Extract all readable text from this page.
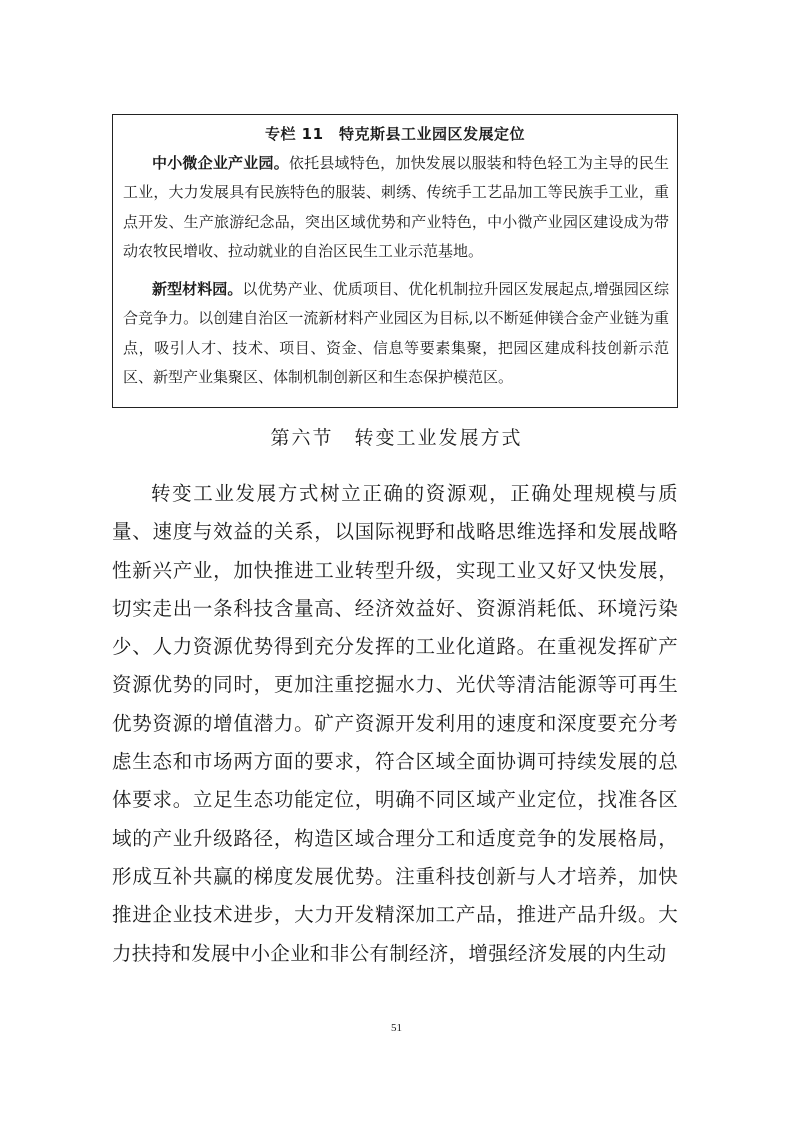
专栏 11　特克斯县工业园区发展定位
中小微企业产业园。依托县域特色，加快发展以服装和特色轻工为主导的民生工业，大力发展具有民族特色的服装、刺绣、传统手工艺品加工等民族手工业，重点开发、生产旅游纪念品，突出区域优势和产业特色，中小微产业园区建设成为带动农牧民增收、拉动就业的自治区民生工业示范基地。
新型材料园。以优势产业、优质项目、优化机制拉升园区发展起点,增强园区综合竞争力。以创建自治区一流新材料产业园区为目标,以不断延伸镁合金产业链为重点，吸引人才、技术、项目、资金、信息等要素集聚，把园区建成科技创新示范区、新型产业集聚区、体制机制创新区和生态保护模范区。
第六节　转变工业发展方式
转变工业发展方式树立正确的资源观，正确处理规模与质量、速度与效益的关系，以国际视野和战略思维选择和发展战略性新兴产业，加快推进工业转型升级，实现工业又好又快发展，切实走出一条科技含量高、经济效益好、资源消耗低、环境污染少、人力资源优势得到充分发挥的工业化道路。在重视发挥矿产资源优势的同时，更加注重挖掘水力、光伏等清洁能源等可再生优势资源的增值潜力。矿产资源开发利用的速度和深度要充分考虑生态和市场两方面的要求，符合区域全面协调可持续发展的总体要求。立足生态功能定位，明确不同区域产业定位，找准各区域的产业升级路径，构造区域合理分工和适度竞争的发展格局，形成互补共赢的梯度发展优势。注重科技创新与人才培养，加快推进企业技术进步，大力开发精深加工产品，推进产品升级。大力扶持和发展中小企业和非公有制经济，增强经济发展的内生动
51
